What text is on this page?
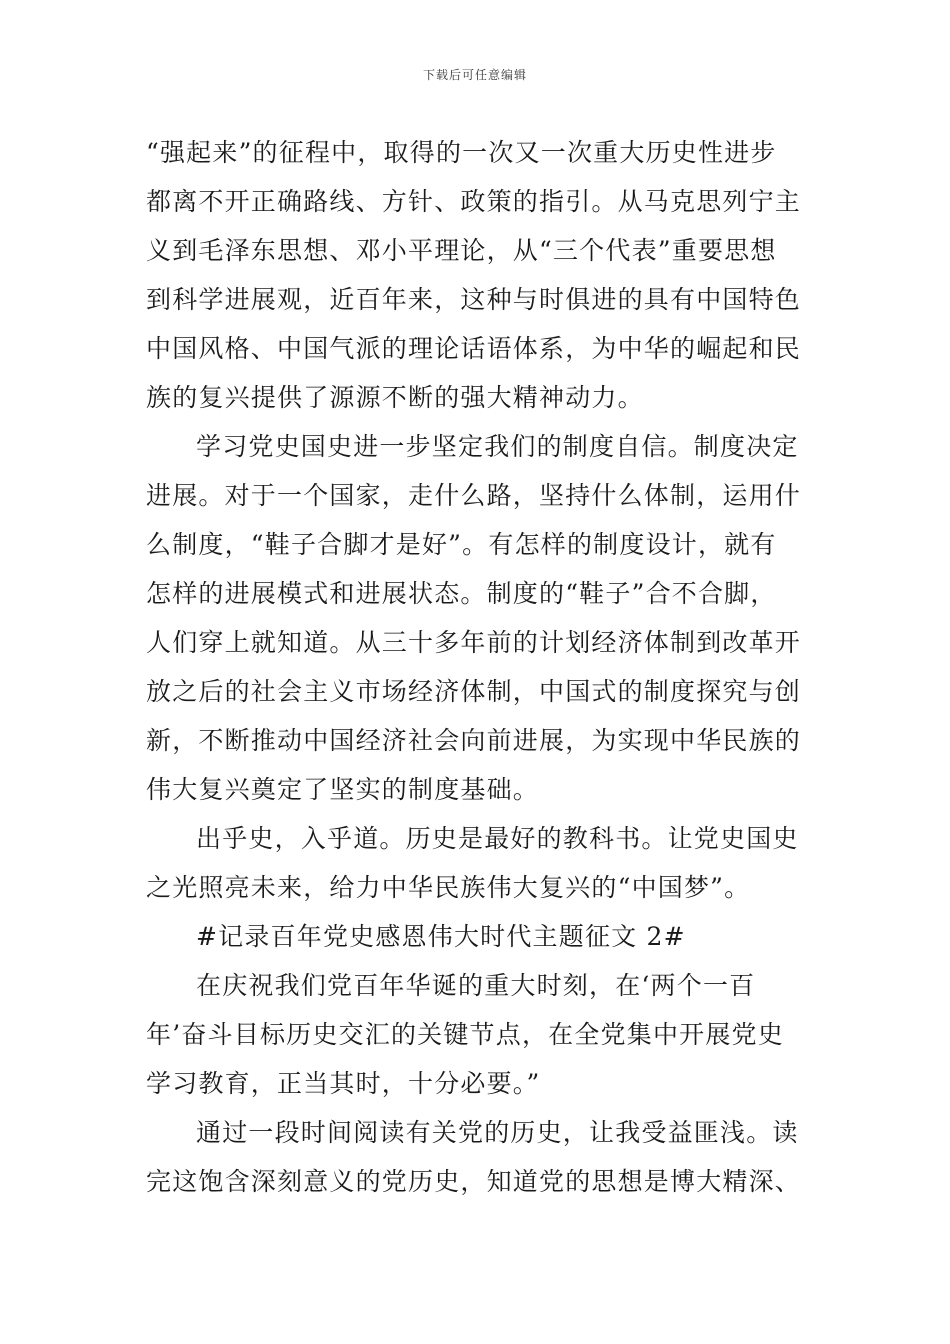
下载后可任意编辑
“强起来”的征程中，取得的一次又一次重大历史性进步
都离不开正确路线、方针、政策的指引。从马克思列宁主
义到毛泽东思想、邓小平理论，从“三个代表”重要思想
到科学进展观，近百年来，这种与时俱进的具有中国特色
中国风格、中国气派的理论话语体系，为中华的崛起和民
族的复兴提供了源源不断的强大精神动力。
学习党史国史进一步坚定我们的制度自信。制度决定
进展。对于一个国家，走什么路，坚持什么体制，运用什
么制度，“鞋子合脚才是好”。有怎样的制度设计，就有
怎样的进展模式和进展状态。制度的“鞋子”合不合脚，
人们穿上就知道。从三十多年前的计划经济体制到改革开
放之后的社会主义市场经济体制，中国式的制度探究与创
新，不断推动中国经济社会向前进展，为实现中华民族的
伟大复兴奠定了坚实的制度基础。
出乎史，入乎道。历史是最好的教科书。让党史国史
之光照亮未来，给力中华民族伟大复兴的“中国梦”。
#记录百年党史感恩伟大时代主题征文 2#
在庆祝我们党百年华诞的重大时刻，在‘两个一百
年’奋斗目标历史交汇的关键节点，在全党集中开展党史
学习教育，正当其时，十分必要。”
通过一段时间阅读有关党的历史，让我受益匪浅。读
完这饱含深刻意义的党历史，知道党的思想是博大精深、
